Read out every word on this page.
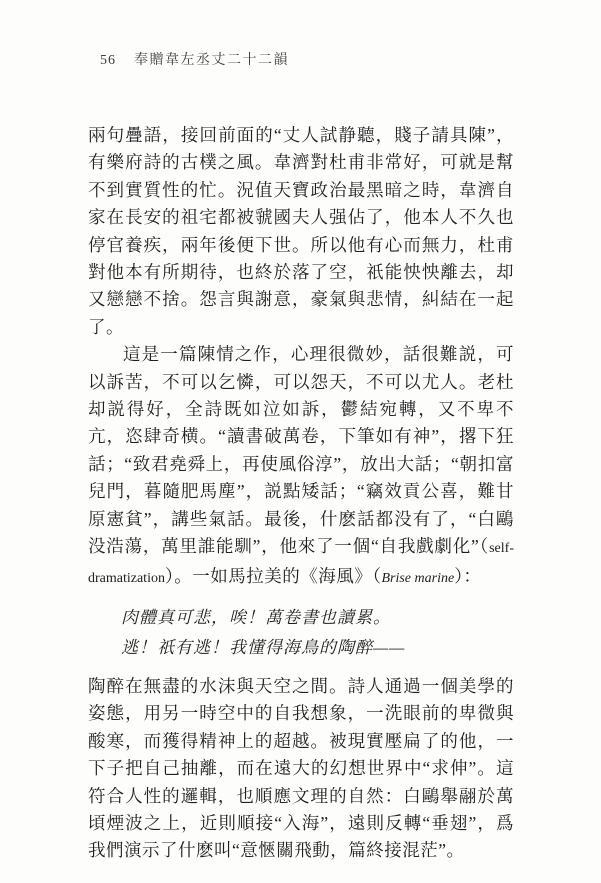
56 奉贈韋左丞丈二十二韻

兩句疊語，接回前面的“丈人試静聽，賤子請具陳”，有樂府詩的古樸之風。韋濟對杜甫非常好，可就是幫不到實質性的忙。況值天寶政治最黑暗之時，韋濟自家在長安的祖宅都被虢國夫人强佔了，他本人不久也停官養疾，兩年後便下世。所以他有心而無力，杜甫對他本有所期待，也終於落了空，祇能怏怏離去，却又戀戀不捨。怨言與謝意，豪氣與悲情，糾結在一起了。

這是一篇陳情之作，心理很微妙，話很難説，可以訴苦，不可以乞憐，可以怨天，不可以尤人。老杜却説得好，全詩既如泣如訴，鬱結宛轉，又不卑不亢，恣肆奇横。“讀書破萬卷，下筆如有神”，撂下狂話；“致君堯舜上，再使風俗淳”，放出大話；“朝扣富兒門，暮隨肥馬塵”，説點矮話；“竊效貢公喜，難甘原憲貧”，講些氣話。最後，什麽話都没有了，“白鷗没浩蕩，萬里誰能馴”，他來了一個“自我戲劇化”（self-dramatization）。一如馬拉美的《海風》（Brise marine）：

肉體真可悲，唉！萬卷書也讀累。

逃！祇有逃！我懂得海鳥的陶醉——

陶醉在無盡的水沫與天空之間。詩人通過一個美學的姿態，用另一時空中的自我想象，一洗眼前的卑微與酸寒，而獲得精神上的超越。被現實壓扁了的他，一下子把自己抽離，而在遠大的幻想世界中“求伸”。這符合人性的邏輯，也順應文理的自然：白鷗舉翮於萬頃煙波之上，近則順接“入海”，遠則反轉“垂翅”，爲我們演示了什麽叫“意愜關飛動，篇終接混茫”。
